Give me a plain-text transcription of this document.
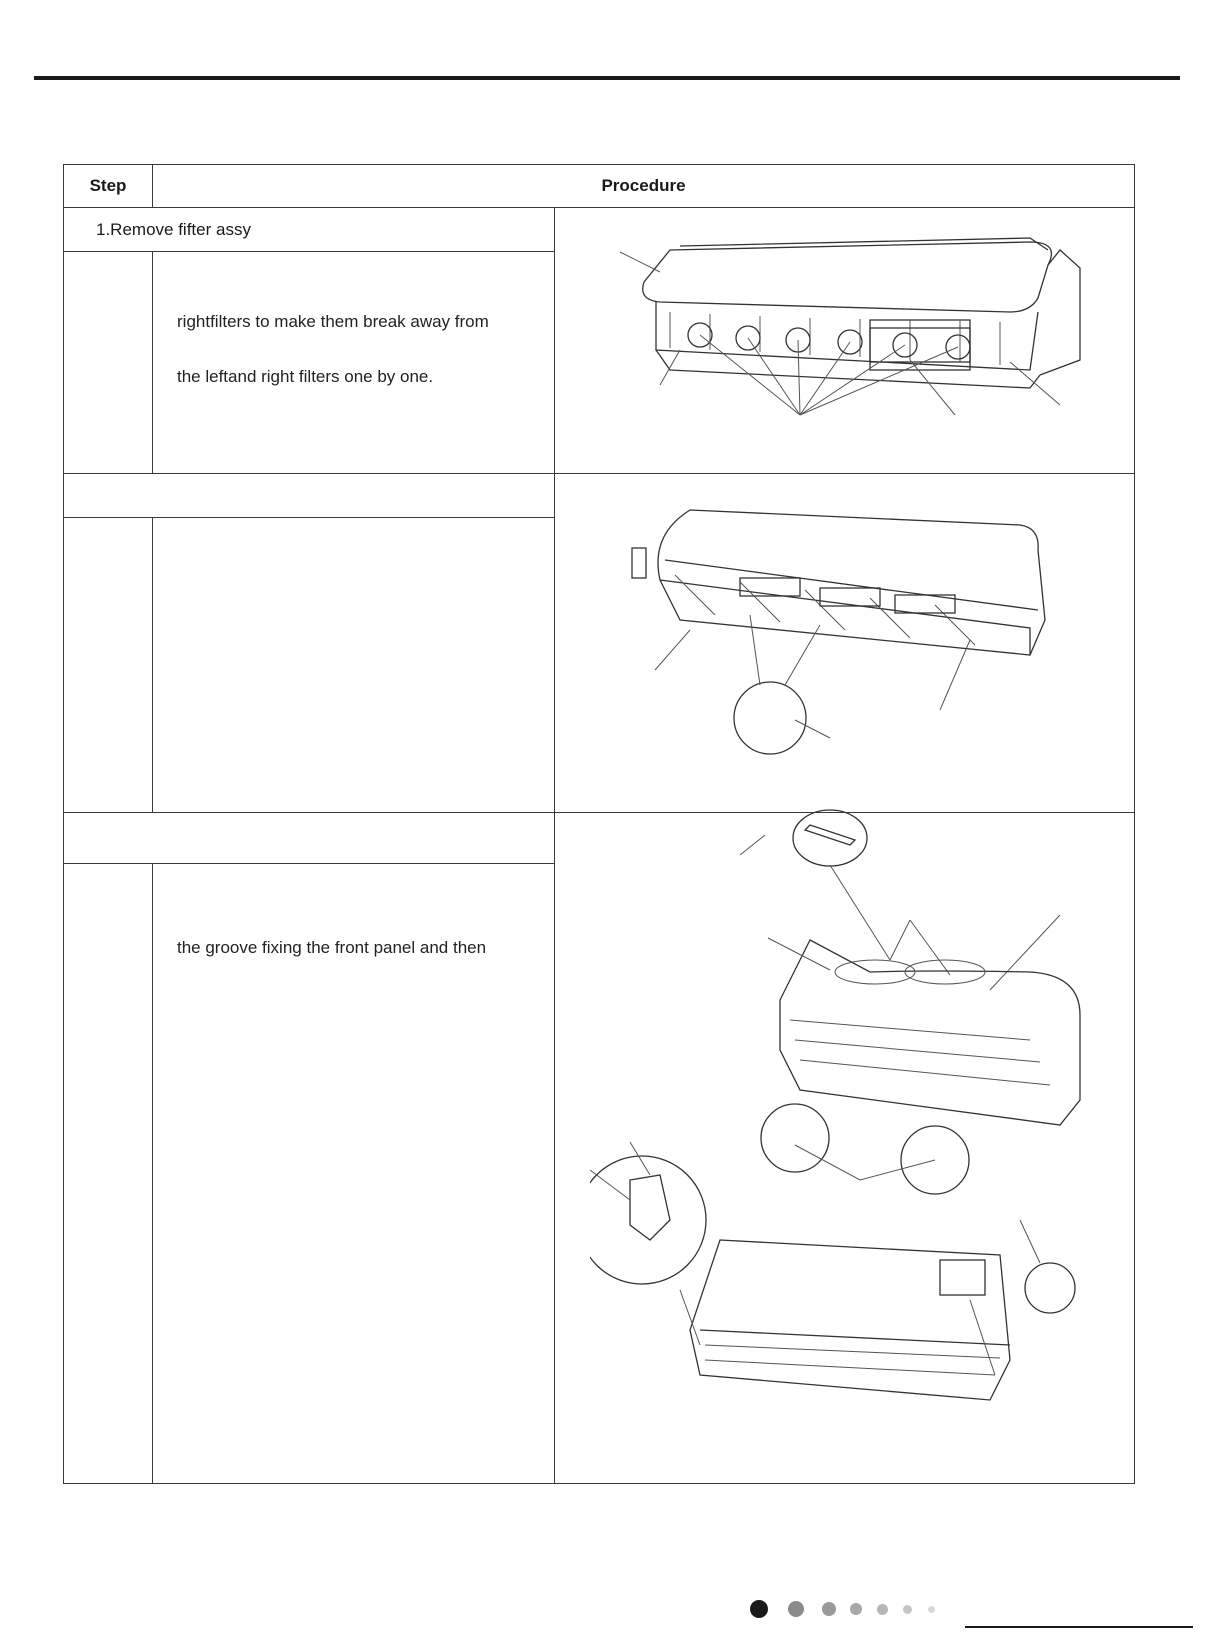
Step	Procedure
1.Remove fifter assy
rightfilters to make them break away from
the leftand right filters one by one.
the groove fixing the front panel and then
